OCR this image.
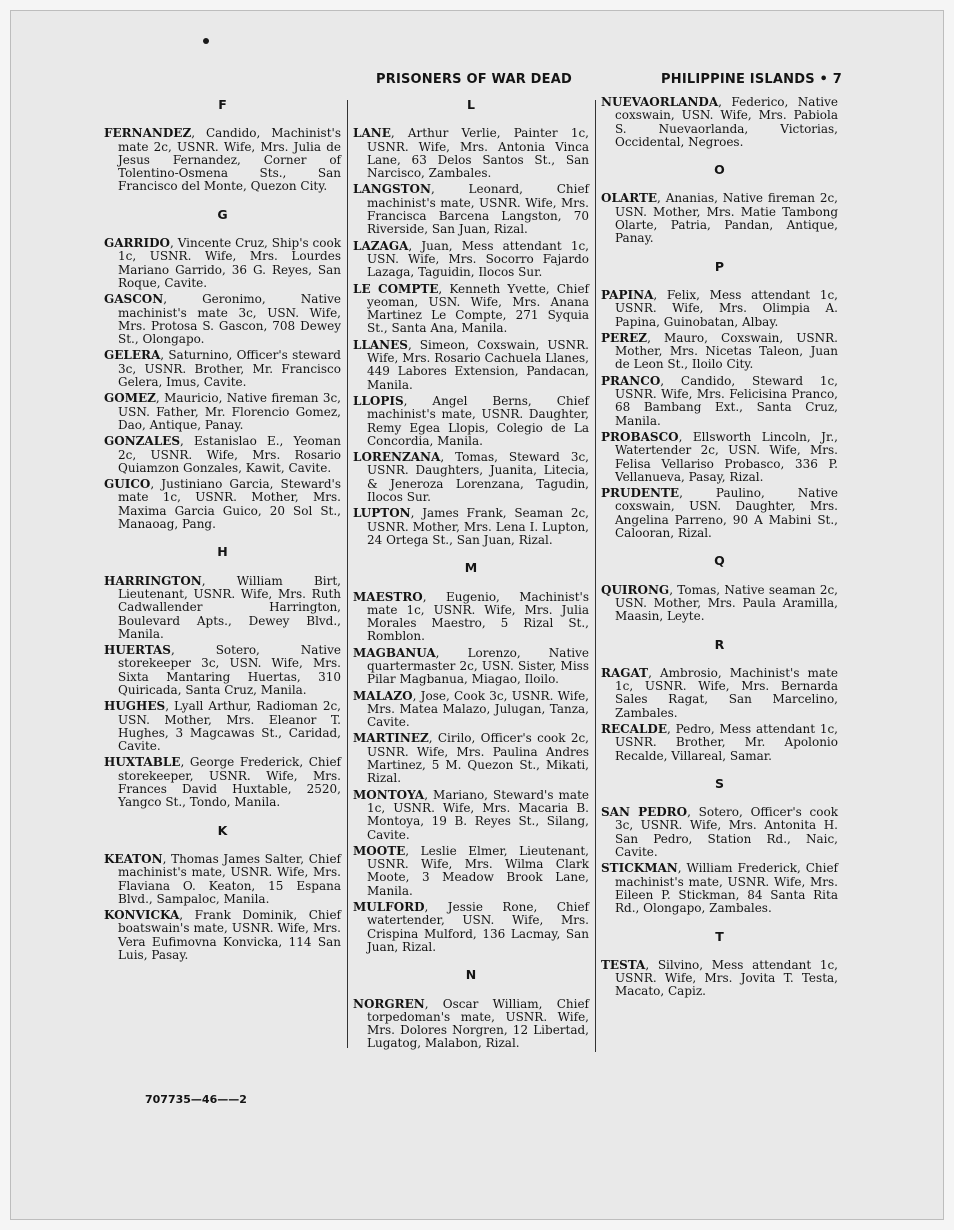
PRISONERS OF WAR DEAD	PHILIPPINE ISLANDS • 7
F
FERNANDEZ, Candido, Machinist's mate 2c, USNR. Wife, Mrs. Julia de Jesus Fernandez, Corner of Tolentino-Osmena Sts., San Francisco del Monte, Quezon City.
G
GARRIDO, Vincente Cruz, Ship's cook 1c, USNR. Wife, Mrs. Lourdes Mariano Garrido, 36 G. Reyes, San Roque, Cavite.
GASCON, Geronimo, Native machinist's mate 3c, USN. Wife, Mrs. Protosa S. Gascon, 708 Dewey St., Olongapo.
GELERA, Saturnino, Officer's steward 3c, USNR. Brother, Mr. Francisco Gelera, Imus, Cavite.
GOMEZ, Mauricio, Native fireman 3c, USN. Father, Mr. Florencio Gomez, Dao, Antique, Panay.
GONZALES, Estanislao E., Yeoman 2c, USNR. Wife, Mrs. Rosario Quiamzon Gonzales, Kawit, Cavite.
GUICO, Justiniano Garcia, Steward's mate 1c, USNR. Mother, Mrs. Maxima Garcia Guico, 20 Sol St., Manaoag, Pang.
H
HARRINGTON, William Birt, Lieutenant, USNR. Wife, Mrs. Ruth Cadwallender Harrington, Boulevard Apts., Dewey Blvd., Manila.
HUERTAS, Sotero, Native storekeeper 3c, USN. Wife, Mrs. Sixta Mantaring Huertas, 310 Quiricada, Santa Cruz, Manila.
HUGHES, Lyall Arthur, Radioman 2c, USN. Mother, Mrs. Eleanor T. Hughes, 3 Magcawas St., Caridad, Cavite.
HUXTABLE, George Frederick, Chief storekeeper, USNR. Wife, Mrs. Frances David Huxtable, 2520, Yangco St., Tondo, Manila.
K
KEATON, Thomas James Salter, Chief machinist's mate, USNR. Wife, Mrs. Flaviana O. Keaton, 15 Espana Blvd., Sampaloc, Manila.
KONVICKA, Frank Dominik, Chief boatswain's mate, USNR. Wife, Mrs. Vera Eufimovna Konvicka, 114 San Luis, Pasay.
L
LANE, Arthur Verlie, Painter 1c, USNR. Wife, Mrs. Antonia Vinca Lane, 63 Delos Santos St., San Narcisco, Zambales.
LANGSTON, Leonard, Chief machinist's mate, USNR. Wife, Mrs. Francisca Barcena Langston, 70 Riverside, San Juan, Rizal.
LAZAGA, Juan, Mess attendant 1c, USN. Wife, Mrs. Socorro Fajardo Lazaga, Taguidin, Ilocos Sur.
LE COMPTE, Kenneth Yvette, Chief yeoman, USN. Wife, Mrs. Anana Martinez Le Compte, 271 Syquia St., Santa Ana, Manila.
LLANES, Simeon, Coxswain, USNR. Wife, Mrs. Rosario Cachuela Llanes, 449 Labores Extension, Pandacan, Manila.
LLOPIS, Angel Berns, Chief machinist's mate, USNR. Daughter, Remy Egea Llopis, Colegio de La Concordia, Manila.
LORENZANA, Tomas, Steward 3c, USNR. Daughters, Juanita, Litecia, & Jeneroza Lorenzana, Tagudin, Ilocos Sur.
LUPTON, James Frank, Seaman 2c, USNR. Mother, Mrs. Lena I. Lupton, 24 Ortega St., San Juan, Rizal.
M
MAESTRO, Eugenio, Machinist's mate 1c, USNR. Wife, Mrs. Julia Morales Maestro, 5 Rizal St., Romblon.
MAGBANUA, Lorenzo, Native quartermaster 2c, USN. Sister, Miss Pilar Magbanua, Miagao, Iloilo.
MALAZO, Jose, Cook 3c, USNR. Wife, Mrs. Matea Malazo, Julugan, Tanza, Cavite.
MARTINEZ, Cirilo, Officer's cook 2c, USNR. Wife, Mrs. Paulina Andres Martinez, 5 M. Quezon St., Mikati, Rizal.
MONTOYA, Mariano, Steward's mate 1c, USNR. Wife, Mrs. Macaria B. Montoya, 19 B. Reyes St., Silang, Cavite.
MOOTE, Leslie Elmer, Lieutenant, USNR. Wife, Mrs. Wilma Clark Moote, 3 Meadow Brook Lane, Manila.
MULFORD, Jessie Rone, Chief watertender, USN. Wife, Mrs. Crispina Mulford, 136 Lacmay, San Juan, Rizal.
N
NORGREN, Oscar William, Chief torpedoman's mate, USNR. Wife, Mrs. Dolores Norgren, 12 Libertad, Lugatog, Malabon, Rizal.
NUEVAORLANDA, Federico, Native coxswain, USN. Wife, Mrs. Pabiola S. Nuevaorlanda, Victorias, Occidental, Negroes.
O
OLARTE, Ananias, Native fireman 2c, USN. Mother, Mrs. Matie Tambong Olarte, Patria, Pandan, Antique, Panay.
P
PAPINA, Felix, Mess attendant 1c, USNR. Wife, Mrs. Olimpia A. Papina, Guinobatan, Albay.
PEREZ, Mauro, Coxswain, USNR. Mother, Mrs. Nicetas Taleon, Juan de Leon St., Iloilo City.
PRANCO, Candido, Steward 1c, USNR. Wife, Mrs. Felicisina Pranco, 68 Bambang Ext., Santa Cruz, Manila.
PROBASCO, Ellsworth Lincoln, Jr., Watertender 2c, USN. Wife, Mrs. Felisa Vellariso Probasco, 336 P. Vellanueva, Pasay, Rizal.
PRUDENTE, Paulino, Native coxswain, USN. Daughter, Mrs. Angelina Parreno, 90 A Mabini St., Calooran, Rizal.
Q
QUIRONG, Tomas, Native seaman 2c, USN. Mother, Mrs. Paula Aramilla, Maasin, Leyte.
R
RAGAT, Ambrosio, Machinist's mate 1c, USNR. Wife, Mrs. Bernarda Sales Ragat, San Marcelino, Zambales.
RECALDE, Pedro, Mess attendant 1c, USNR. Brother, Mr. Apolonio Recalde, Villareal, Samar.
S
SAN PEDRO, Sotero, Officer's cook 3c, USNR. Wife, Mrs. Antonita H. San Pedro, Station Rd., Naic, Cavite.
STICKMAN, William Frederick, Chief machinist's mate, USNR. Wife, Mrs. Eileen P. Stickman, 84 Santa Rita Rd., Olongapo, Zambales.
T
TESTA, Silvino, Mess attendant 1c, USNR. Wife, Mrs. Jovita T. Testa, Macato, Capiz.
707735—46——2
